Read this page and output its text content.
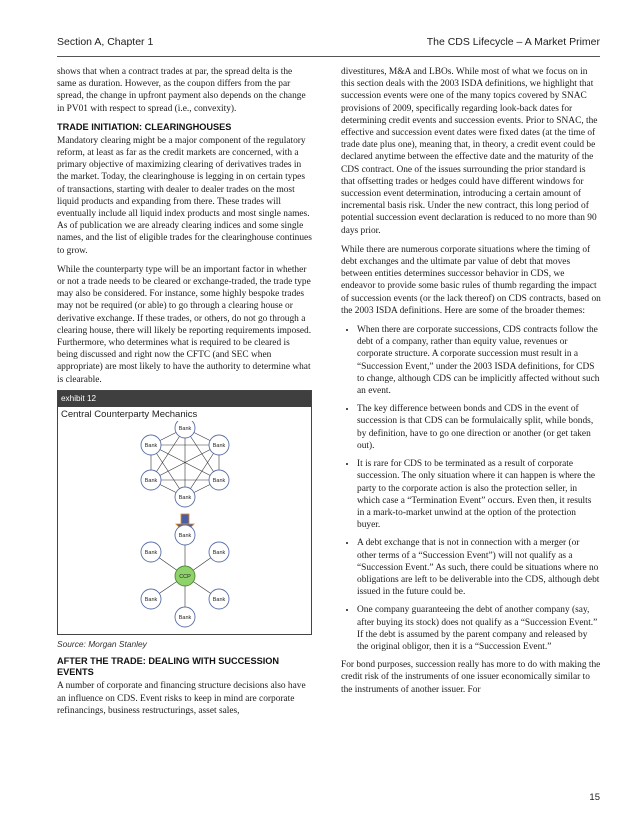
Section A, Chapter 1	The CDS Lifecycle – A Market Primer

shows that when a contract trades at par, the spread delta is the same as duration. However, as the coupon differs from the par spread, the change in upfront payment also depends on the change in PV01 with respect to spread (i.e., convexity).

TRADE INITIATION: CLEARINGHOUSES

Mandatory clearing might be a major component of the regulatory reform, at least as far as the credit markets are concerned, with a primary objective of maximizing clearing of derivatives trades in the market. Today, the clearinghouse is legging in on certain types of transactions, starting with dealer to dealer trades on the most liquid products and expanding from there. These trades will eventually include all liquid index products and most single names. As of publication we are already clearing indices and some single names, and the list of eligible trades for the clearinghouse continues to grow.

While the counterparty type will be an important factor in whether or not a trade needs to be cleared or exchange-traded, the trade type may also be considered. For instance, some highly bespoke trades may not be required (or able) to go through a clearing house or derivative exchange. If these trades, or others, do not go through a clearing house, there will likely be reporting requirements imposed. Furthermore, who determines what is required to be cleared is being discussed and right now the CFTC (and SEC when appropriate) are most likely to have the authority to determine what is clearable.

exhibit 12
Central Counterparty Mechanics
Bank
Bank
Bank
Bank
Bank
Bank
Bank
Bank
Bank
Bank
Bank
Bank
CCP
Source: Morgan Stanley
AFTER THE TRADE: DEALING WITH SUCCESSION EVENTS

A number of corporate and financing structure decisions also have an influence on CDS. Event risks to keep in mind are corporate refinancings, business restructurings, asset sales,

divestitures, M&A and LBOs. While most of what we focus on in this section deals with the 2003 ISDA definitions, we highlight that succession events were one of the many topics covered by SNAC provisions of 2009, specifically regarding look-back dates for determining credit events and succession events. Prior to SNAC, the effective and succession event dates were fixed dates (at the time of trade date plus one), meaning that, in theory, a credit event could be declared anytime between the effective date and the maturity of the CDS contract. One of the issues surrounding the prior standard is that offsetting trades or hedges could have different windows for succession event determination, introducing a certain amount of incremental basis risk. Under the new contract, this long period of potential succession event declaration is reduced to no more than 90 days prior.

While there are numerous corporate situations where the timing of debt exchanges and the ultimate par value of debt that moves between entities determines successor behavior in CDS, we endeavor to provide some basic rules of thumb regarding the impact of succession events (or the lack thereof) on CDS contracts, based on the 2003 ISDA definitions. Here are some of the broader themes:

• When there are corporate successions, CDS contracts follow the debt of a company, rather than equity value, revenues or corporate structure. A corporate succession must result in a “Succession Event,” under the 2003 ISDA definitions, for CDS to change, although CDS can be implicitly affected without such an event.
• The key difference between bonds and CDS in the event of succession is that CDS can be formulaically split, while bonds, by definition, have to go one direction or another (or get taken out).
• It is rare for CDS to be terminated as a result of corporate succession. The only situation where it can happen is where the party to the corporate action is also the protection seller, in which case a “Termination Event” occurs. Even then, it results in a mark-to-market unwind at the option of the protection buyer.
• A debt exchange that is not in connection with a merger (or other terms of a “Succession Event”) will not qualify as a “Succession Event.” As such, there could be situations where no obligations are left to be deliverable into the CDS, although debt issued in the future could be.
• One company guaranteeing the debt of another company (say, after buying its stock) does not qualify as a “Succession Event.” If the debt is assumed by the parent company and released by the original obligor, then it is a “Succession Event.”

For bond purposes, succession really has more to do with making the credit risk of the instruments of one issuer economically similar to the instruments of another issuer. For

15
